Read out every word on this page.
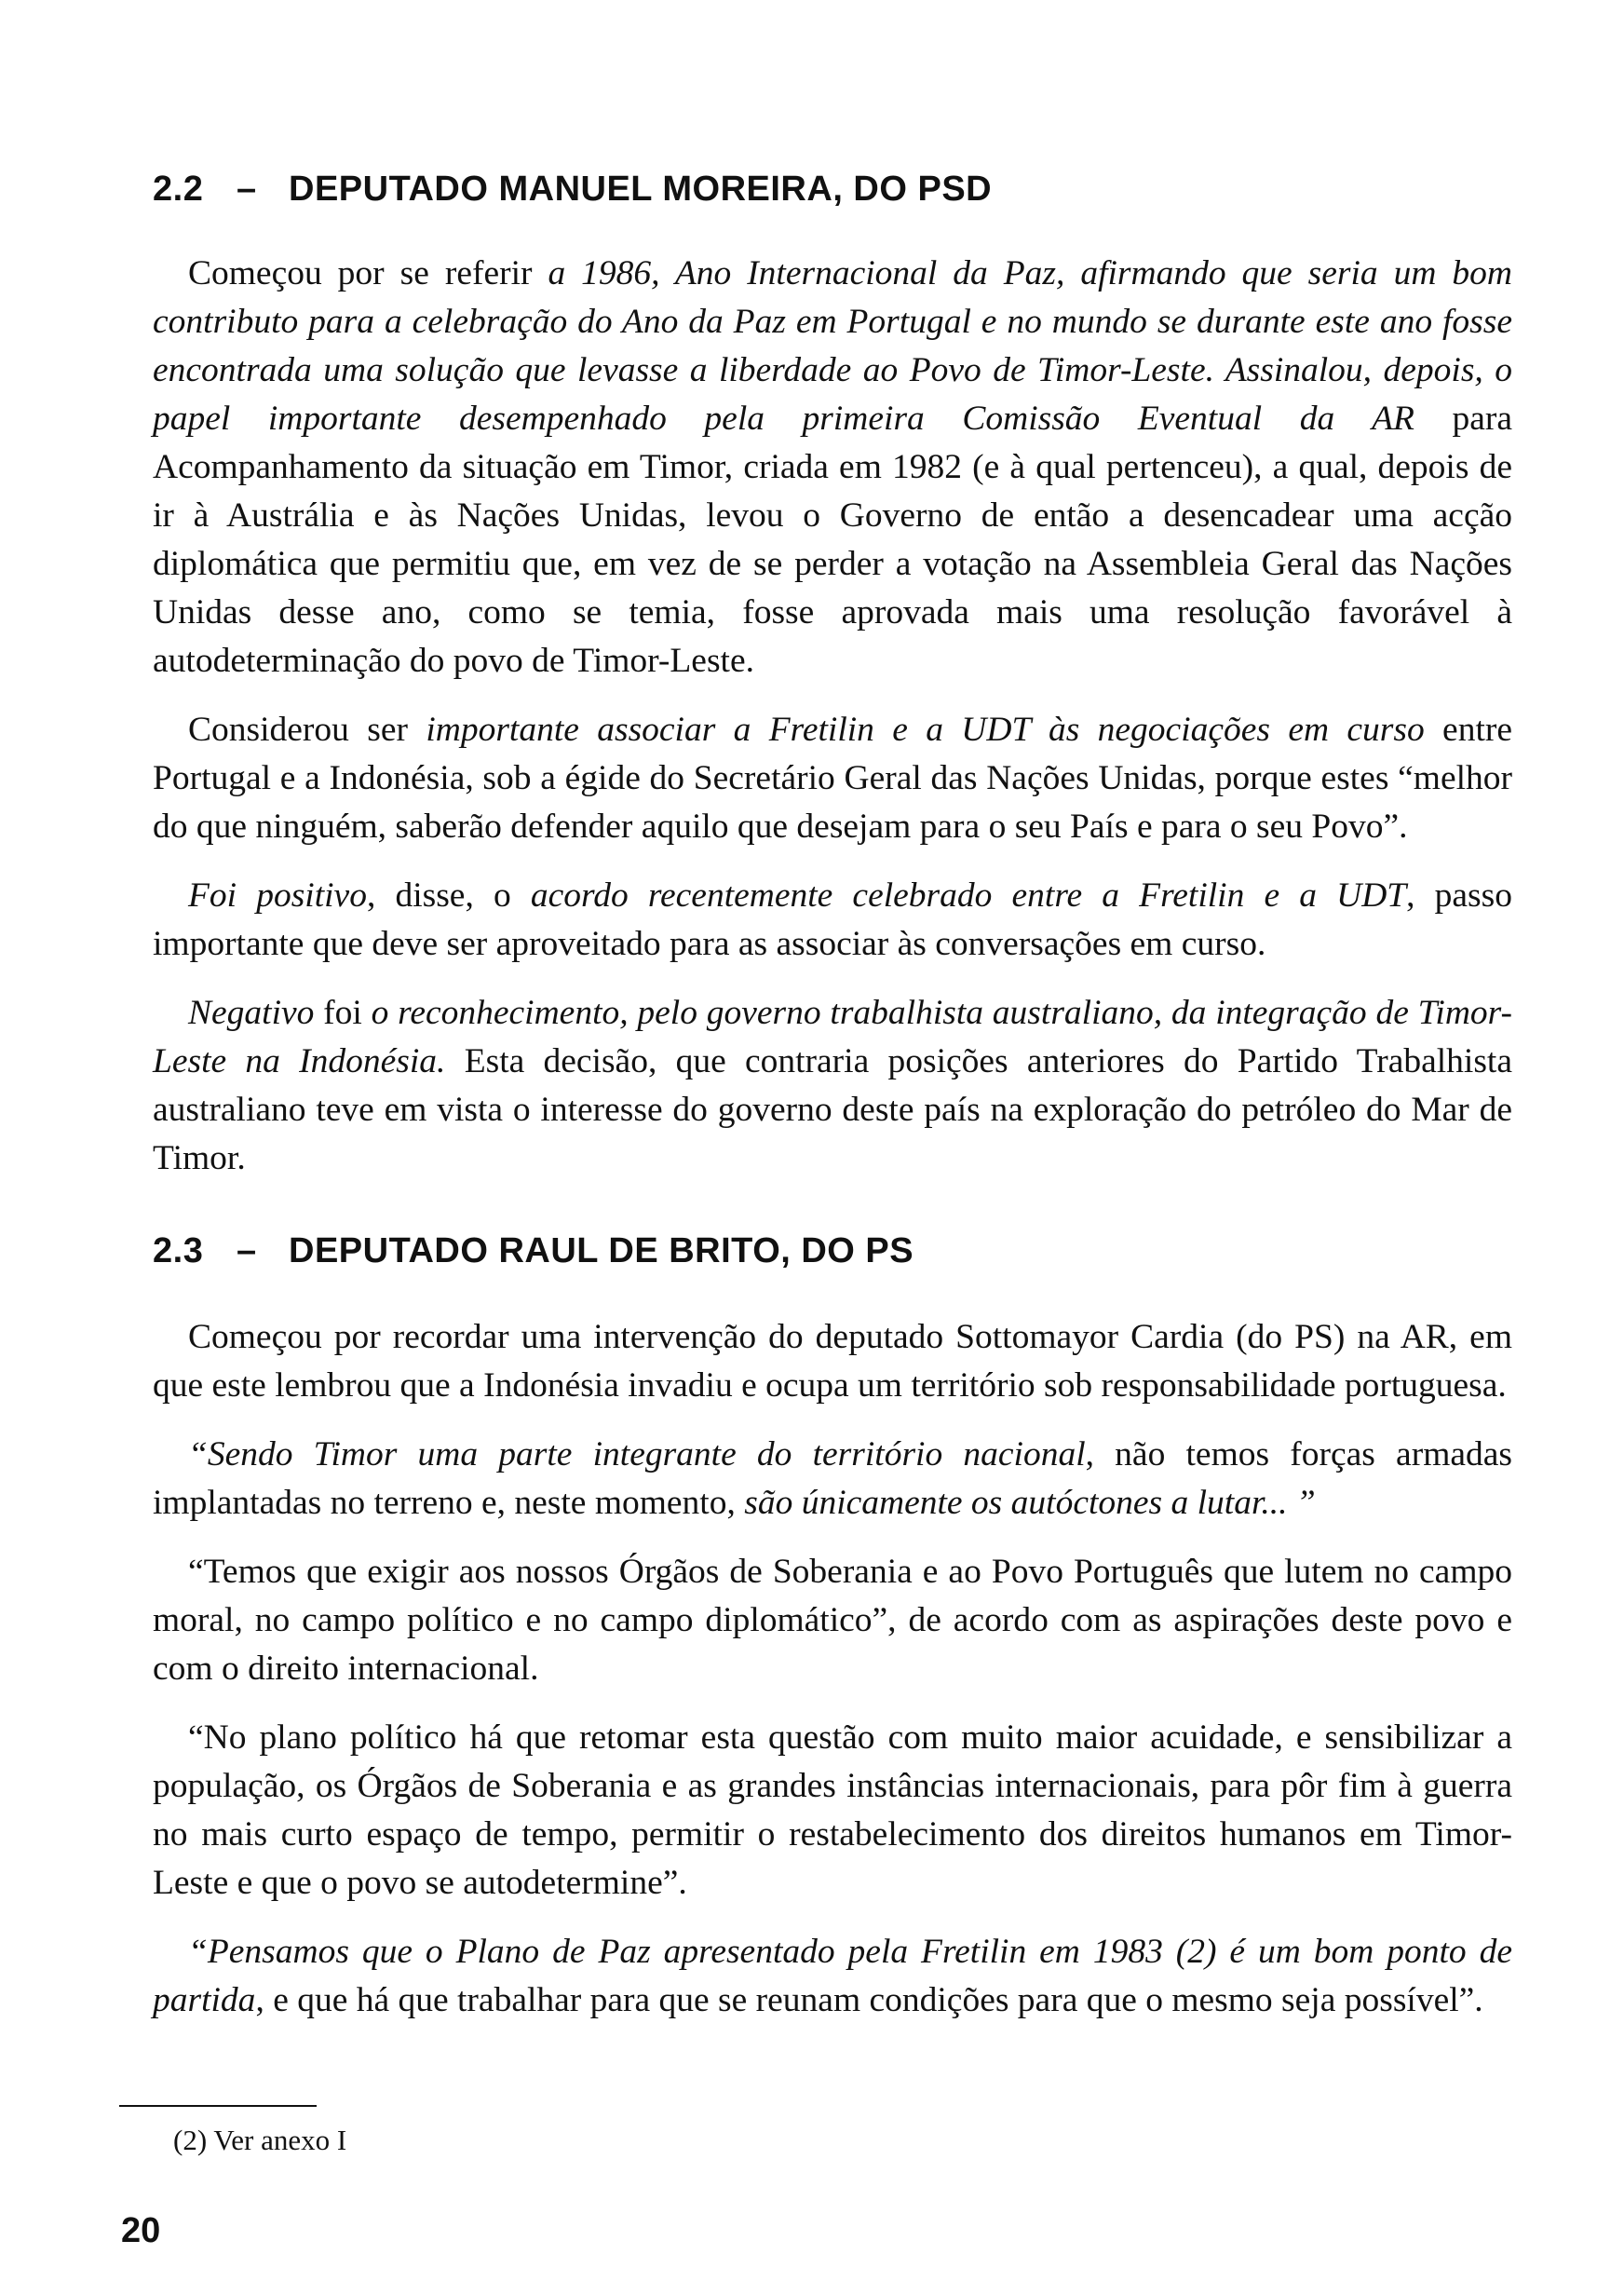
2.2 – DEPUTADO MANUEL MOREIRA, DO PSD

Começou por se referir a 1986, Ano Internacional da Paz, afirmando que seria um bom contributo para a celebração do Ano da Paz em Portugal e no mundo se durante este ano fosse encontrada uma solução que levasse a liberdade ao Povo de Timor-Leste. Assinalou, depois, o papel importante desempenhado pela primeira Comissão Eventual da AR para Acompanhamento da situação em Timor, criada em 1982 (e à qual pertenceu), a qual, depois de ir à Austrália e às Nações Unidas, levou o Governo de então a desencadear uma acção diplomática que permitiu que, em vez de se perder a votação na Assembleia Geral das Nações Unidas desse ano, como se temia, fosse aprovada mais uma resolução favorável à autodeterminação do povo de Timor-Leste.

Considerou ser importante associar a Fretilin e a UDT às negociações em curso entre Portugal e a Indonésia, sob a égide do Secretário Geral das Nações Unidas, porque estes “melhor do que ninguém, saberão defender aquilo que desejam para o seu País e para o seu Povo”.

Foi positivo, disse, o acordo recentemente celebrado entre a Fretilin e a UDT, passo importante que deve ser aproveitado para as associar às conversações em curso.

Negativo foi o reconhecimento, pelo governo trabalhista australiano, da integração de Timor-Leste na Indonésia. Esta decisão, que contraria posições anteriores do Partido Trabalhista australiano teve em vista o interesse do governo deste país na exploração do petróleo do Mar de Timor.

2.3 – DEPUTADO RAUL DE BRITO, DO PS

Começou por recordar uma intervenção do deputado Sottomayor Cardia (do PS) na AR, em que este lembrou que a Indonésia invadiu e ocupa um território sob responsabilidade portuguesa.

“Sendo Timor uma parte integrante do território nacional, não temos forças armadas implantadas no terreno e, neste momento, são únicamente os autóctones a lutar... ”

“Temos que exigir aos nossos Órgãos de Soberania e ao Povo Português que lutem no campo moral, no campo político e no campo diplomático”, de acordo com as aspirações deste povo e com o direito internacional.

“No plano político há que retomar esta questão com muito maior acuidade, e sensibilizar a população, os Órgãos de Soberania e as grandes instâncias internacionais, para pôr fim à guerra no mais curto espaço de tempo, permitir o restabelecimento dos direitos humanos em Timor-Leste e que o povo se autodetermine”.

“Pensamos que o Plano de Paz apresentado pela Fretilin em 1983 (2) é um bom ponto de partida, e que há que trabalhar para que se reunam condições para que o mesmo seja possível”.

(2) Ver anexo I
20
